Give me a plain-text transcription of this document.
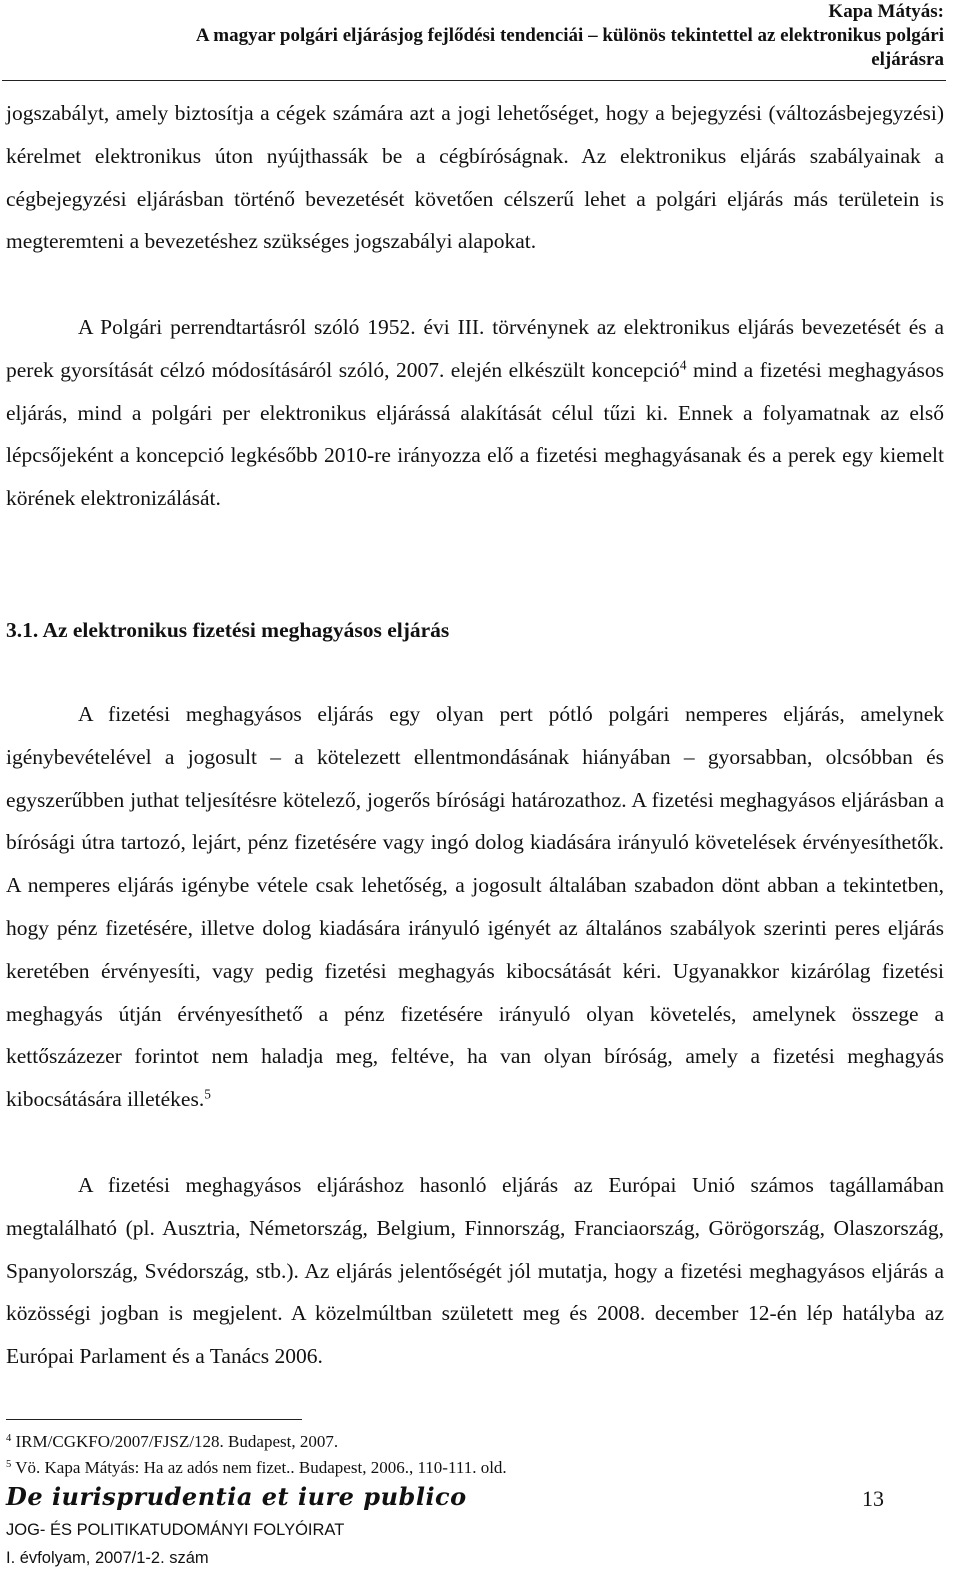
Kapa Mátyás:
A magyar polgári eljárásjog fejlődési tendenciái – különös tekintettel az elektronikus polgári
eljárásra

jogszabályt, amely biztosítja a cégek számára azt a jogi lehetőséget, hogy a bejegyzési (változásbejegyzési) kérelmet elektronikus úton nyújthassák be a cégbíróságnak. Az elektronikus eljárás szabályainak a cégbejegyzési eljárásban történő bevezetését követően célszerű lehet a polgári eljárás más területein is megteremteni a bevezetéshez szükséges jogszabályi alapokat.

A Polgári perrendtartásról szóló 1952. évi III. törvénynek az elektronikus eljárás bevezetését és a perek gyorsítását célzó módosításáról szóló, 2007. elején elkészült koncepció$^4$ mind a fizetési meghagyásos eljárás, mind a polgári per elektronikus eljárássá alakítását célul tűzi ki. Ennek a folyamatnak az első lépcsőjeként a koncepció legkésőbb 2010-re irányozza elő a fizetési meghagyásanak és a perek egy kiemelt körének elektronizálását.

3.1. Az elektronikus fizetési meghagyásos eljárás

A fizetési meghagyásos eljárás egy olyan pert pótló polgári nemperes eljárás, amelynek igénybevételével a jogosult – a kötelezett ellentmondásának hiányában – gyorsabban, olcsóbban és egyszerűbben juthat teljesítésre kötelező, jogerős bírósági határozathoz. A fizetési meghagyásos eljárásban a bírósági útra tartozó, lejárt, pénz fizetésére vagy ingó dolog kiadására irányuló követelések érvényesíthetők. A nemperes eljárás igénybe vétele csak lehetőség, a jogosult általában szabadon dönt abban a tekintetben, hogy pénz fizetésére, illetve dolog kiadására irányuló igényét az általános szabályok szerinti peres eljárás keretében érvényesíti, vagy pedig fizetési meghagyás kibocsátását kéri. Ugyanakkor kizárólag fizetési meghagyás útján érvényesíthető a pénz fizetésére irányuló olyan követelés, amelynek összege a kettőszázezer forintot nem haladja meg, feltéve, ha van olyan bíróság, amely a fizetési meghagyás kibocsátására illetékes.$^5$

A fizetési meghagyásos eljáráshoz hasonló eljárás az Európai Unió számos tagállamában megtalálható (pl. Ausztria, Németország, Belgium, Finnország, Franciaország, Görögország, Olaszország, Spanyolország, Svédország, stb.). Az eljárás jelentőségét jól mutatja, hogy a fizetési meghagyásos eljárás a közösségi jogban is megjelent. A közelmúltban született meg és 2008. december 12-én lép hatályba az Európai Parlament és a Tanács 2006.

$^4$ IRM/CGKFO/2007/FJSZ/128. Budapest, 2007.
$^5$ Vö. Kapa Mátyás: Ha az adós nem fizet.. Budapest, 2006., 110-111. old.
De iurisprudentia et iure publico
JOG- ÉS POLITIKATUDOMÁNYI FOLYÓIRAT
I. évfolyam, 2007/1-2. szám
13
